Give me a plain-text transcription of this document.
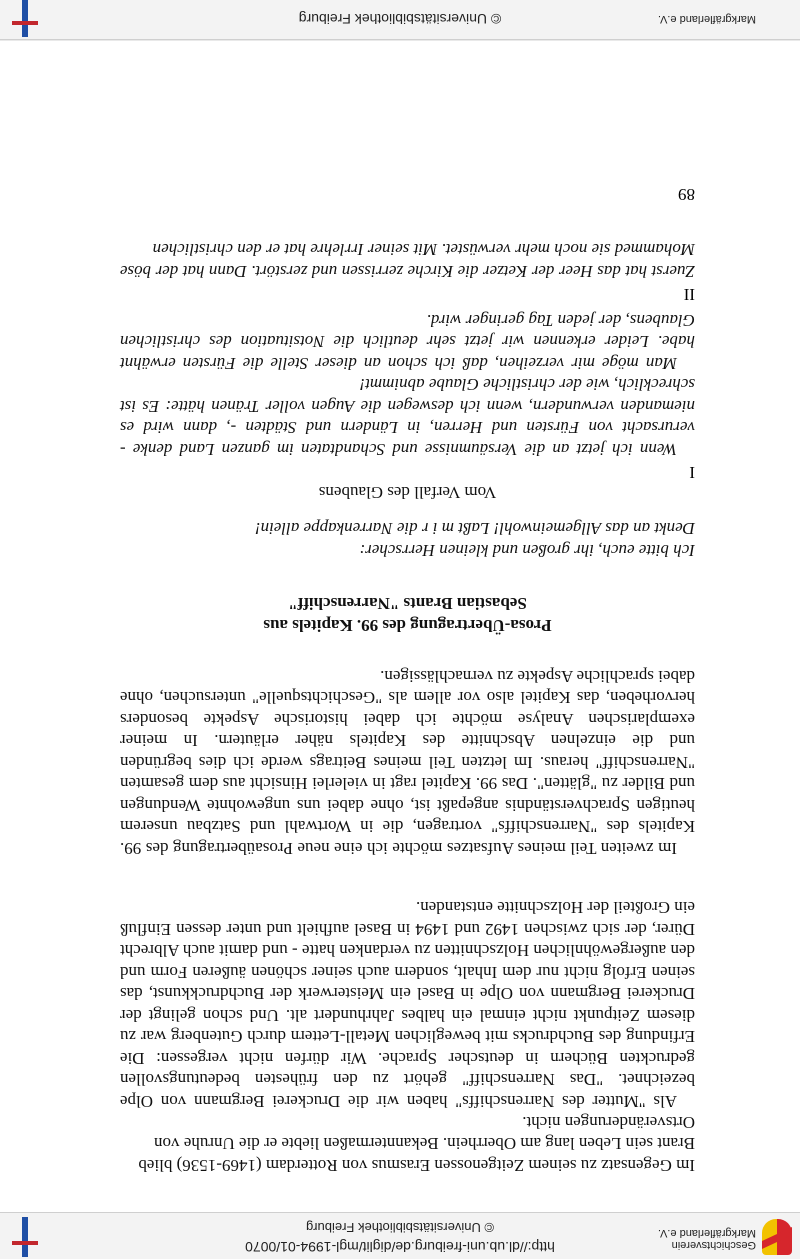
Geschichtsverein
Markgräflerland e.V.
http://dl.ub.uni-freiburg.de/diglit/mgl-1994-01/0070
© Universitätsbibliothek Freiburg
Im Gegensatz zu seinem Zeitgenossen Erasmus von Rotterdam (1469-1536) blieb
Brant sein Leben lang am Oberrhein. Bekanntermaßen liebte er die Unruhe von
Ortsveränderungen nicht.
Als "Mutter des Narrenschiffs" haben wir die Druckerei Bergmann von Olpe bezeichnet. "Das Narrenschiff" gehört zu den frühesten bedeutungsvollen gedruckten Büchern in deutscher Sprache. Wir dürfen nicht vergessen: Die Erfindung des Buchdrucks mit beweglichen Metall-Lettern durch Gutenberg war zu diesem Zeitpunkt nicht einmal ein halbes Jahrhundert alt. Und schon gelingt der Druckerei Bergmann von Olpe in Basel ein Meisterwerk der Buchdruckkunst, das seinen Erfolg nicht nur dem Inhalt, sondern auch seiner schönen äußeren Form und den außergewöhnlichen Holzschnitten zu verdanken hatte - und damit auch Albrecht Dürer, der sich zwischen 1492 und 1494 in Basel aufhielt und unter dessen Einfluß ein Großteil der Holzschnitte entstanden.
Im zweiten Teil meines Aufsatzes möchte ich eine neue Prosaübertragung des 99. Kapitels des "Narrenschiffs" vortragen, die in Wortwahl und Satzbau unserem heutigen Sprachverständnis angepaßt ist, ohne dabei uns ungewohnte Wendungen und Bilder zu "glätten". Das 99. Kapitel ragt in vielerlei Hinsicht aus dem gesamten "Narrenschiff" heraus. Im letzten Teil meines Beitrags werde ich dies begründen und die einzelnen Abschnitte des Kapitels näher erläutern. In meiner exemplarischen Analyse möchte ich dabei historische Aspekte besonders hervorheben, das Kapitel also vor allem als "Geschichtsquelle" untersuchen, ohne dabei sprachliche Aspekte zu vernachlässigen.
Prosa-Übertragung des 99. Kapitels aus
Sebastian Brants "Narrenschiff"
Ich bitte euch, ihr großen und kleinen Herrscher:
Denkt an das Allgemeinwohl! Laßt m i r die Narrenkappe allein!
Vom Verfall des Glaubens
I
Wenn ich jetzt an die Versäumnisse und Schandtaten im ganzen Land denke - verursacht von Fürsten und Herren, in Ländern und Städten -, dann wird es niemanden verwundern, wenn ich deswegen die Augen voller Tränen hätte: Es ist schrecklich, wie der christliche Glaube abnimmt!
Man möge mir verzeihen, daß ich schon an dieser Stelle die Fürsten erwähnt habe. Leider erkennen wir jetzt sehr deutlich die Notsituation des christlichen Glaubens, der jeden Tag geringer wird.
II
Zuerst hat das Heer der Ketzer die Kirche zerrissen und zerstört. Dann hat der böse Mohammed sie noch mehr verwüstet. Mit seiner Irrlehre hat er den christlichen
89
Markgräflerland e.V.
© Universitätsbibliothek Freiburg
